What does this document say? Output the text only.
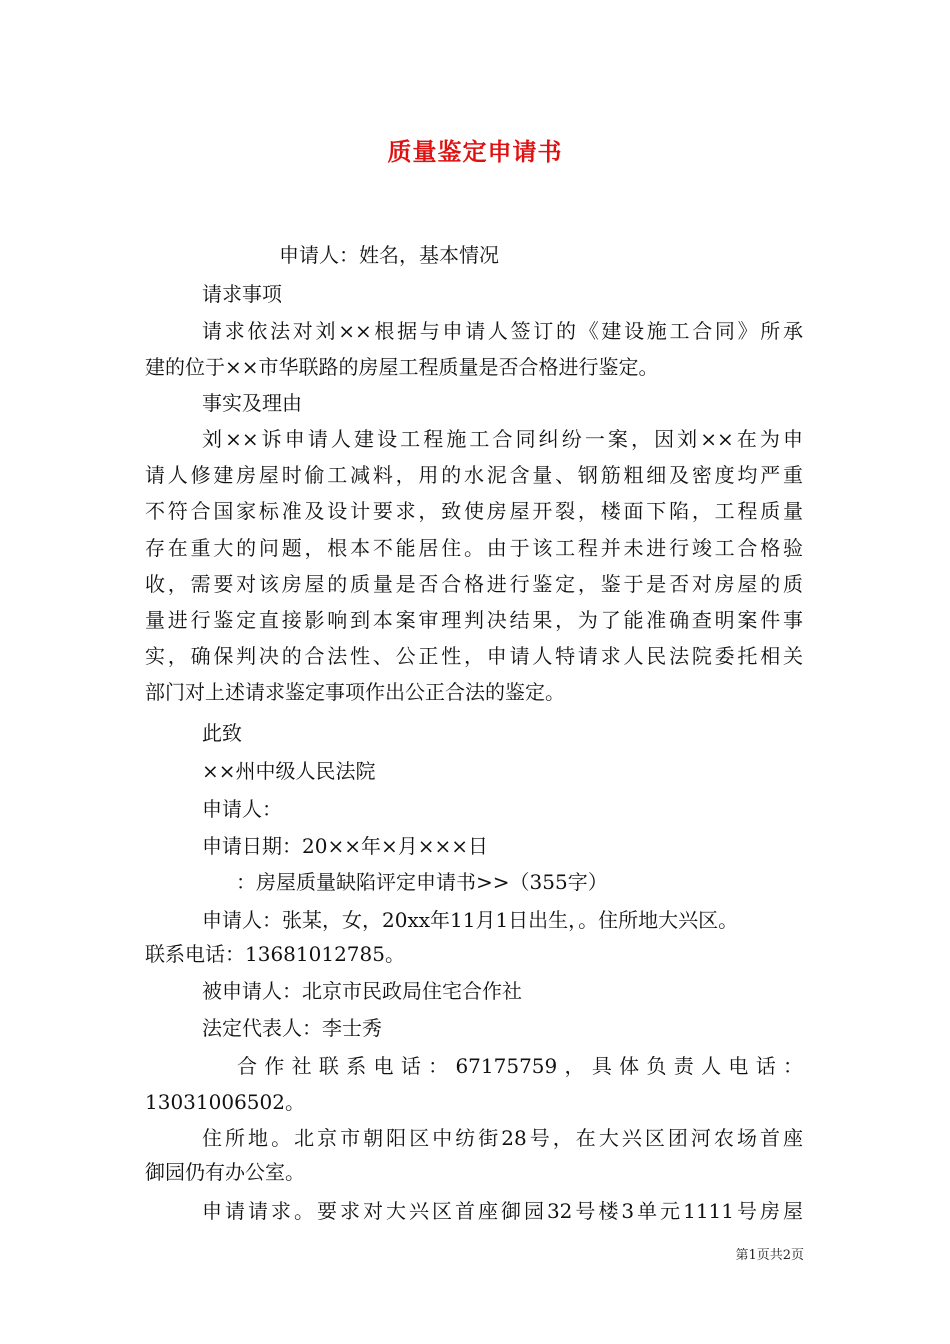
质量鉴定申请书
申请人：姓名，基本情况
请求事项
请求依法对刘××根据与申请人签订的《建设施工合同》所承
建的位于××市华联路的房屋工程质量是否合格进行鉴定。
事实及理由
刘××诉申请人建设工程施工合同纠纷一案，因刘××在为申
请人修建房屋时偷工减料，用的水泥含量、钢筋粗细及密度均严重
不符合国家标准及设计要求，致使房屋开裂，楼面下陷，工程质量
存在重大的问题，根本不能居住。由于该工程并未进行竣工合格验
收，需要对该房屋的质量是否合格进行鉴定，鉴于是否对房屋的质
量进行鉴定直接影响到本案审理判决结果，为了能准确查明案件事
实，确保判决的合法性、公正性，申请人特请求人民法院委托相关
部门对上述请求鉴定事项作出公正合法的鉴定。
此致
××州中级人民法院
申请人：
申请日期：20××年×月×××日
：房屋质量缺陷评定申请书>>（355字）
申请人：张某，女，20xx年11月1日出生，。住所地大兴区。
联系电话：13681012785。
被申请人：北京市民政局住宅合作社
法定代表人：李士秀
合作社联系电话：67175759，具体负责人电话：
13031006502。
住所地。北京市朝阳区中纺街28号，在大兴区团河农场首座
御园仍有办公室。
申请请求。要求对大兴区首座御园32号楼3单元1111号房屋
第1页共2页
